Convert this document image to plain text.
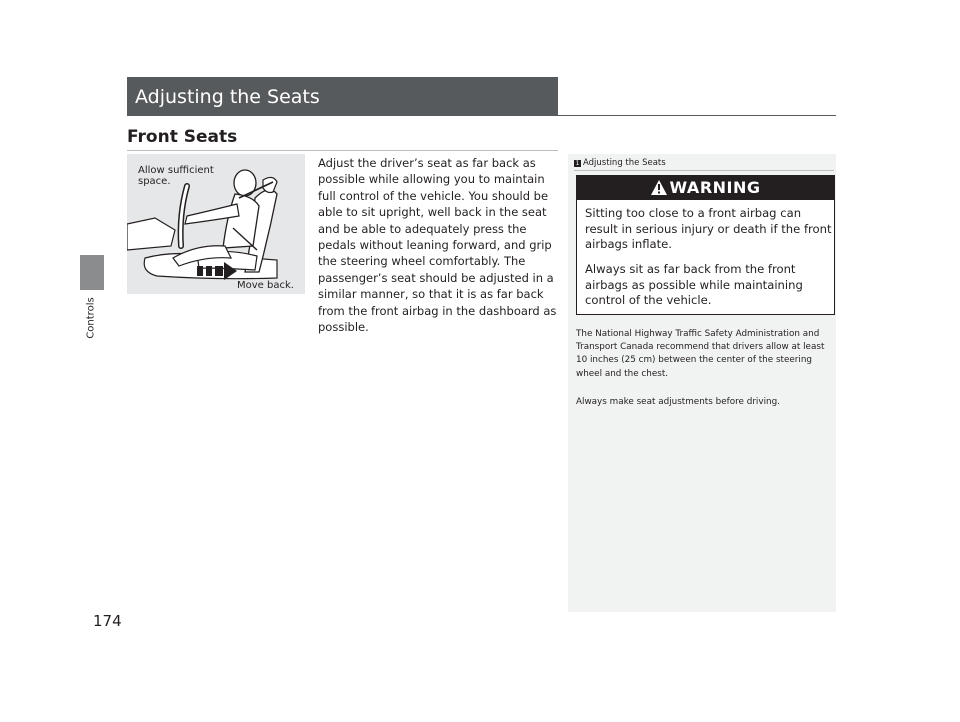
Controls
174
Adjusting the Seats
Front Seats
Allow sufficient space.
Move back.
Adjust the driver’s seat as far back as possible while allowing you to maintain full control of the vehicle. You should be able to sit upright, well back in the seat and be able to adequately press the pedals without leaning forward, and grip the steering wheel comfortably. The passenger’s seat should be adjusted in a similar manner, so that it is as far back from the front airbag in the dashboard as possible.
1 Adjusting the Seats
WARNING
Sitting too close to a front airbag can result in serious injury or death if the front airbags inflate.
Always sit as far back from the front airbags as possible while maintaining control of the vehicle.
The National Highway Traffic Safety Administration and Transport Canada recommend that drivers allow at least 10 inches (25 cm) between the center of the steering wheel and the chest.
Always make seat adjustments before driving.
